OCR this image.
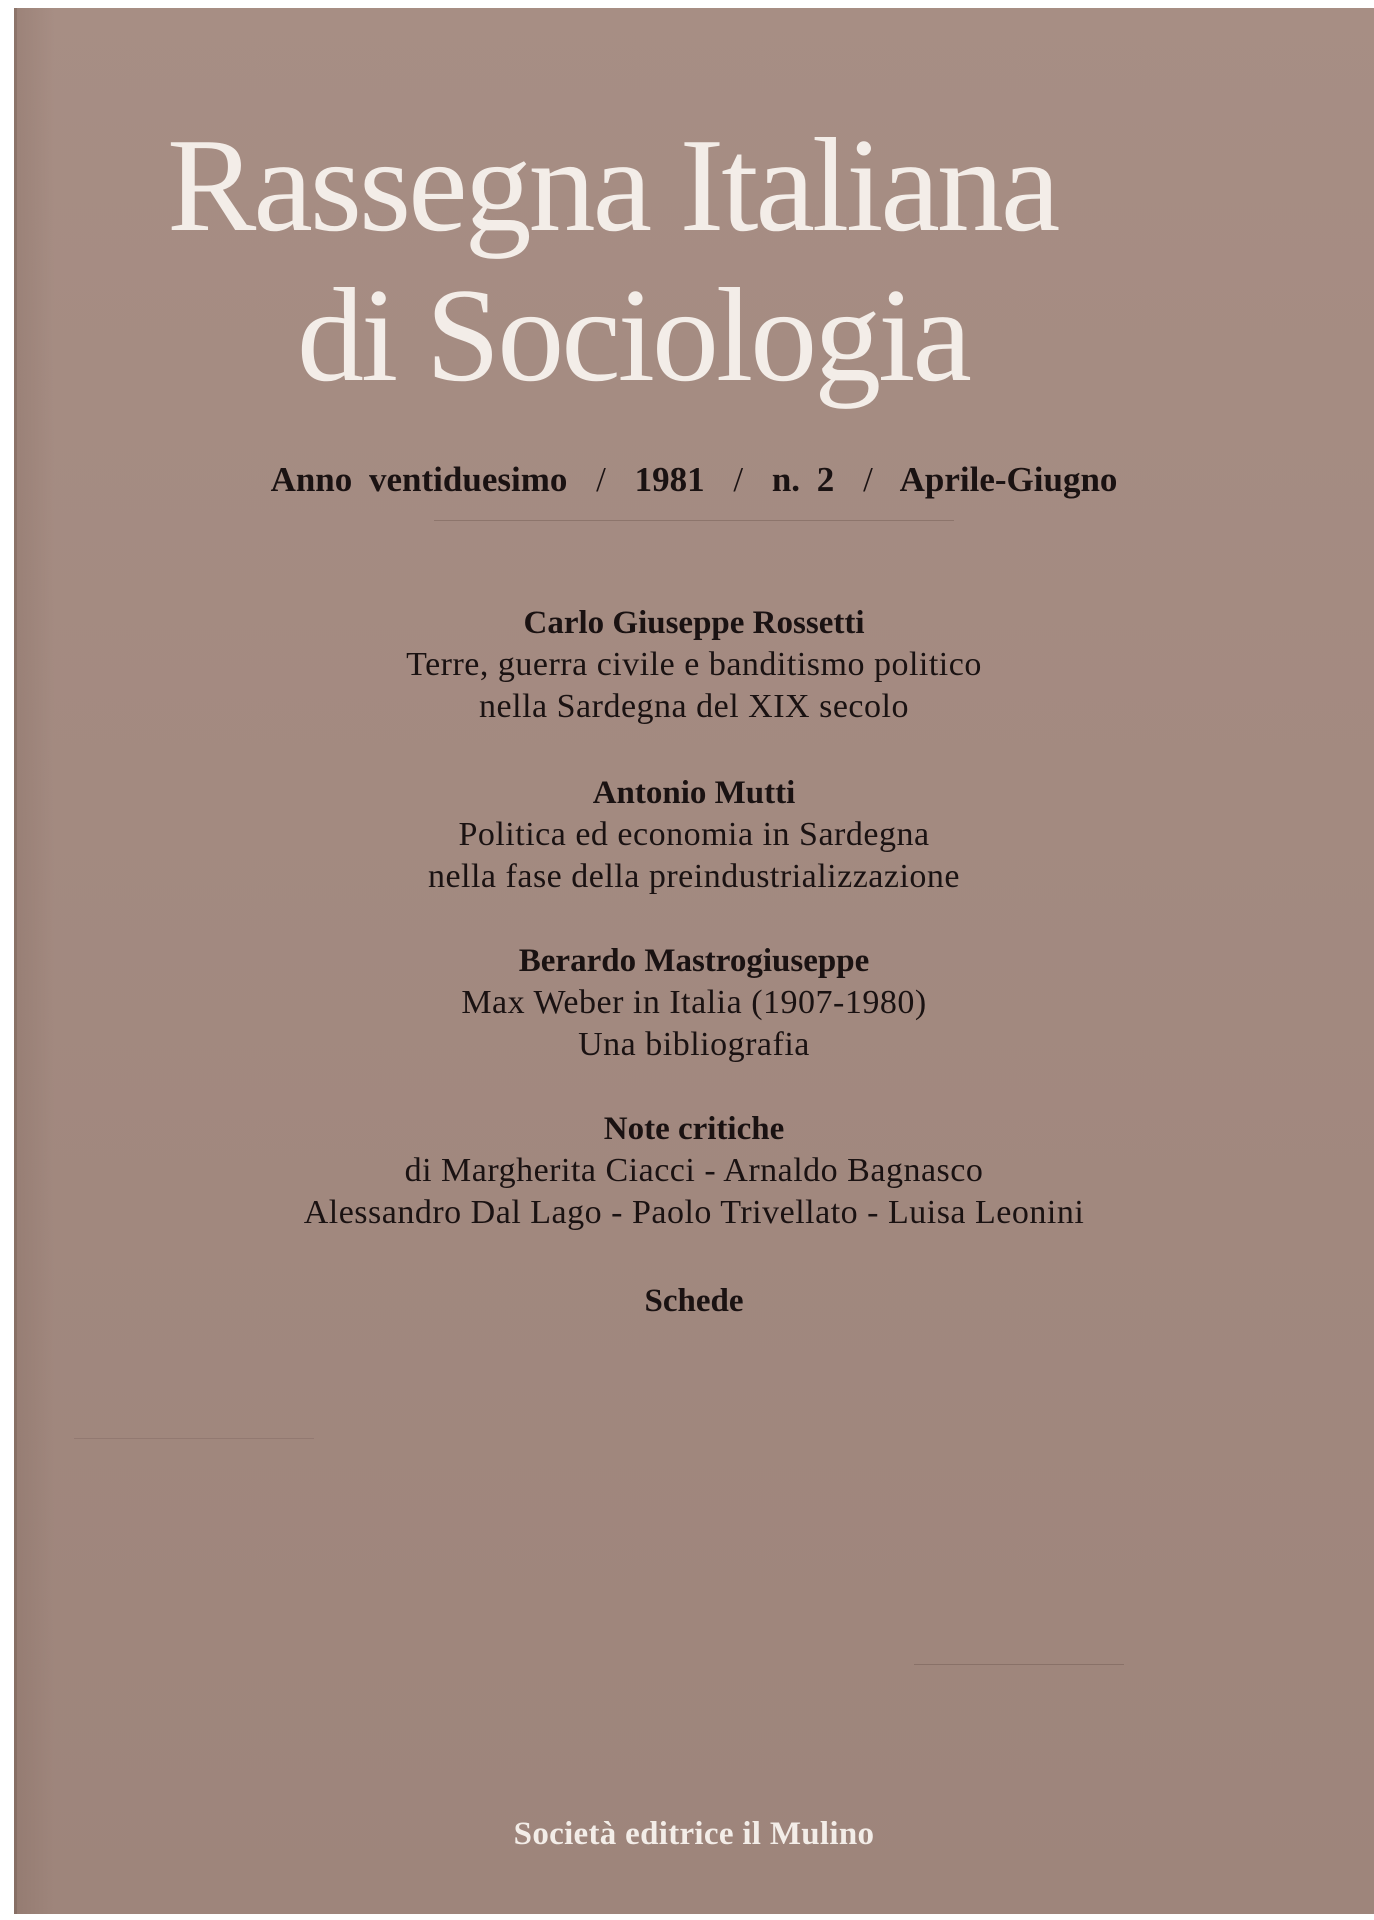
Rassegna Italiana
di Sociologia
Anno ventiduesimo / 1981 / n. 2 / Aprile-Giugno
Carlo Giuseppe Rossetti
Terre, guerra civile e banditismo politico
nella Sardegna del XIX secolo
Antonio Mutti
Politica ed economia in Sardegna
nella fase della preindustrializzazione
Berardo Mastrogiuseppe
Max Weber in Italia (1907-1980)
Una bibliografia
Note critiche
di Margherita Ciacci - Arnaldo Bagnasco
Alessandro Dal Lago - Paolo Trivellato - Luisa Leonini
Schede
Società editrice il Mulino
